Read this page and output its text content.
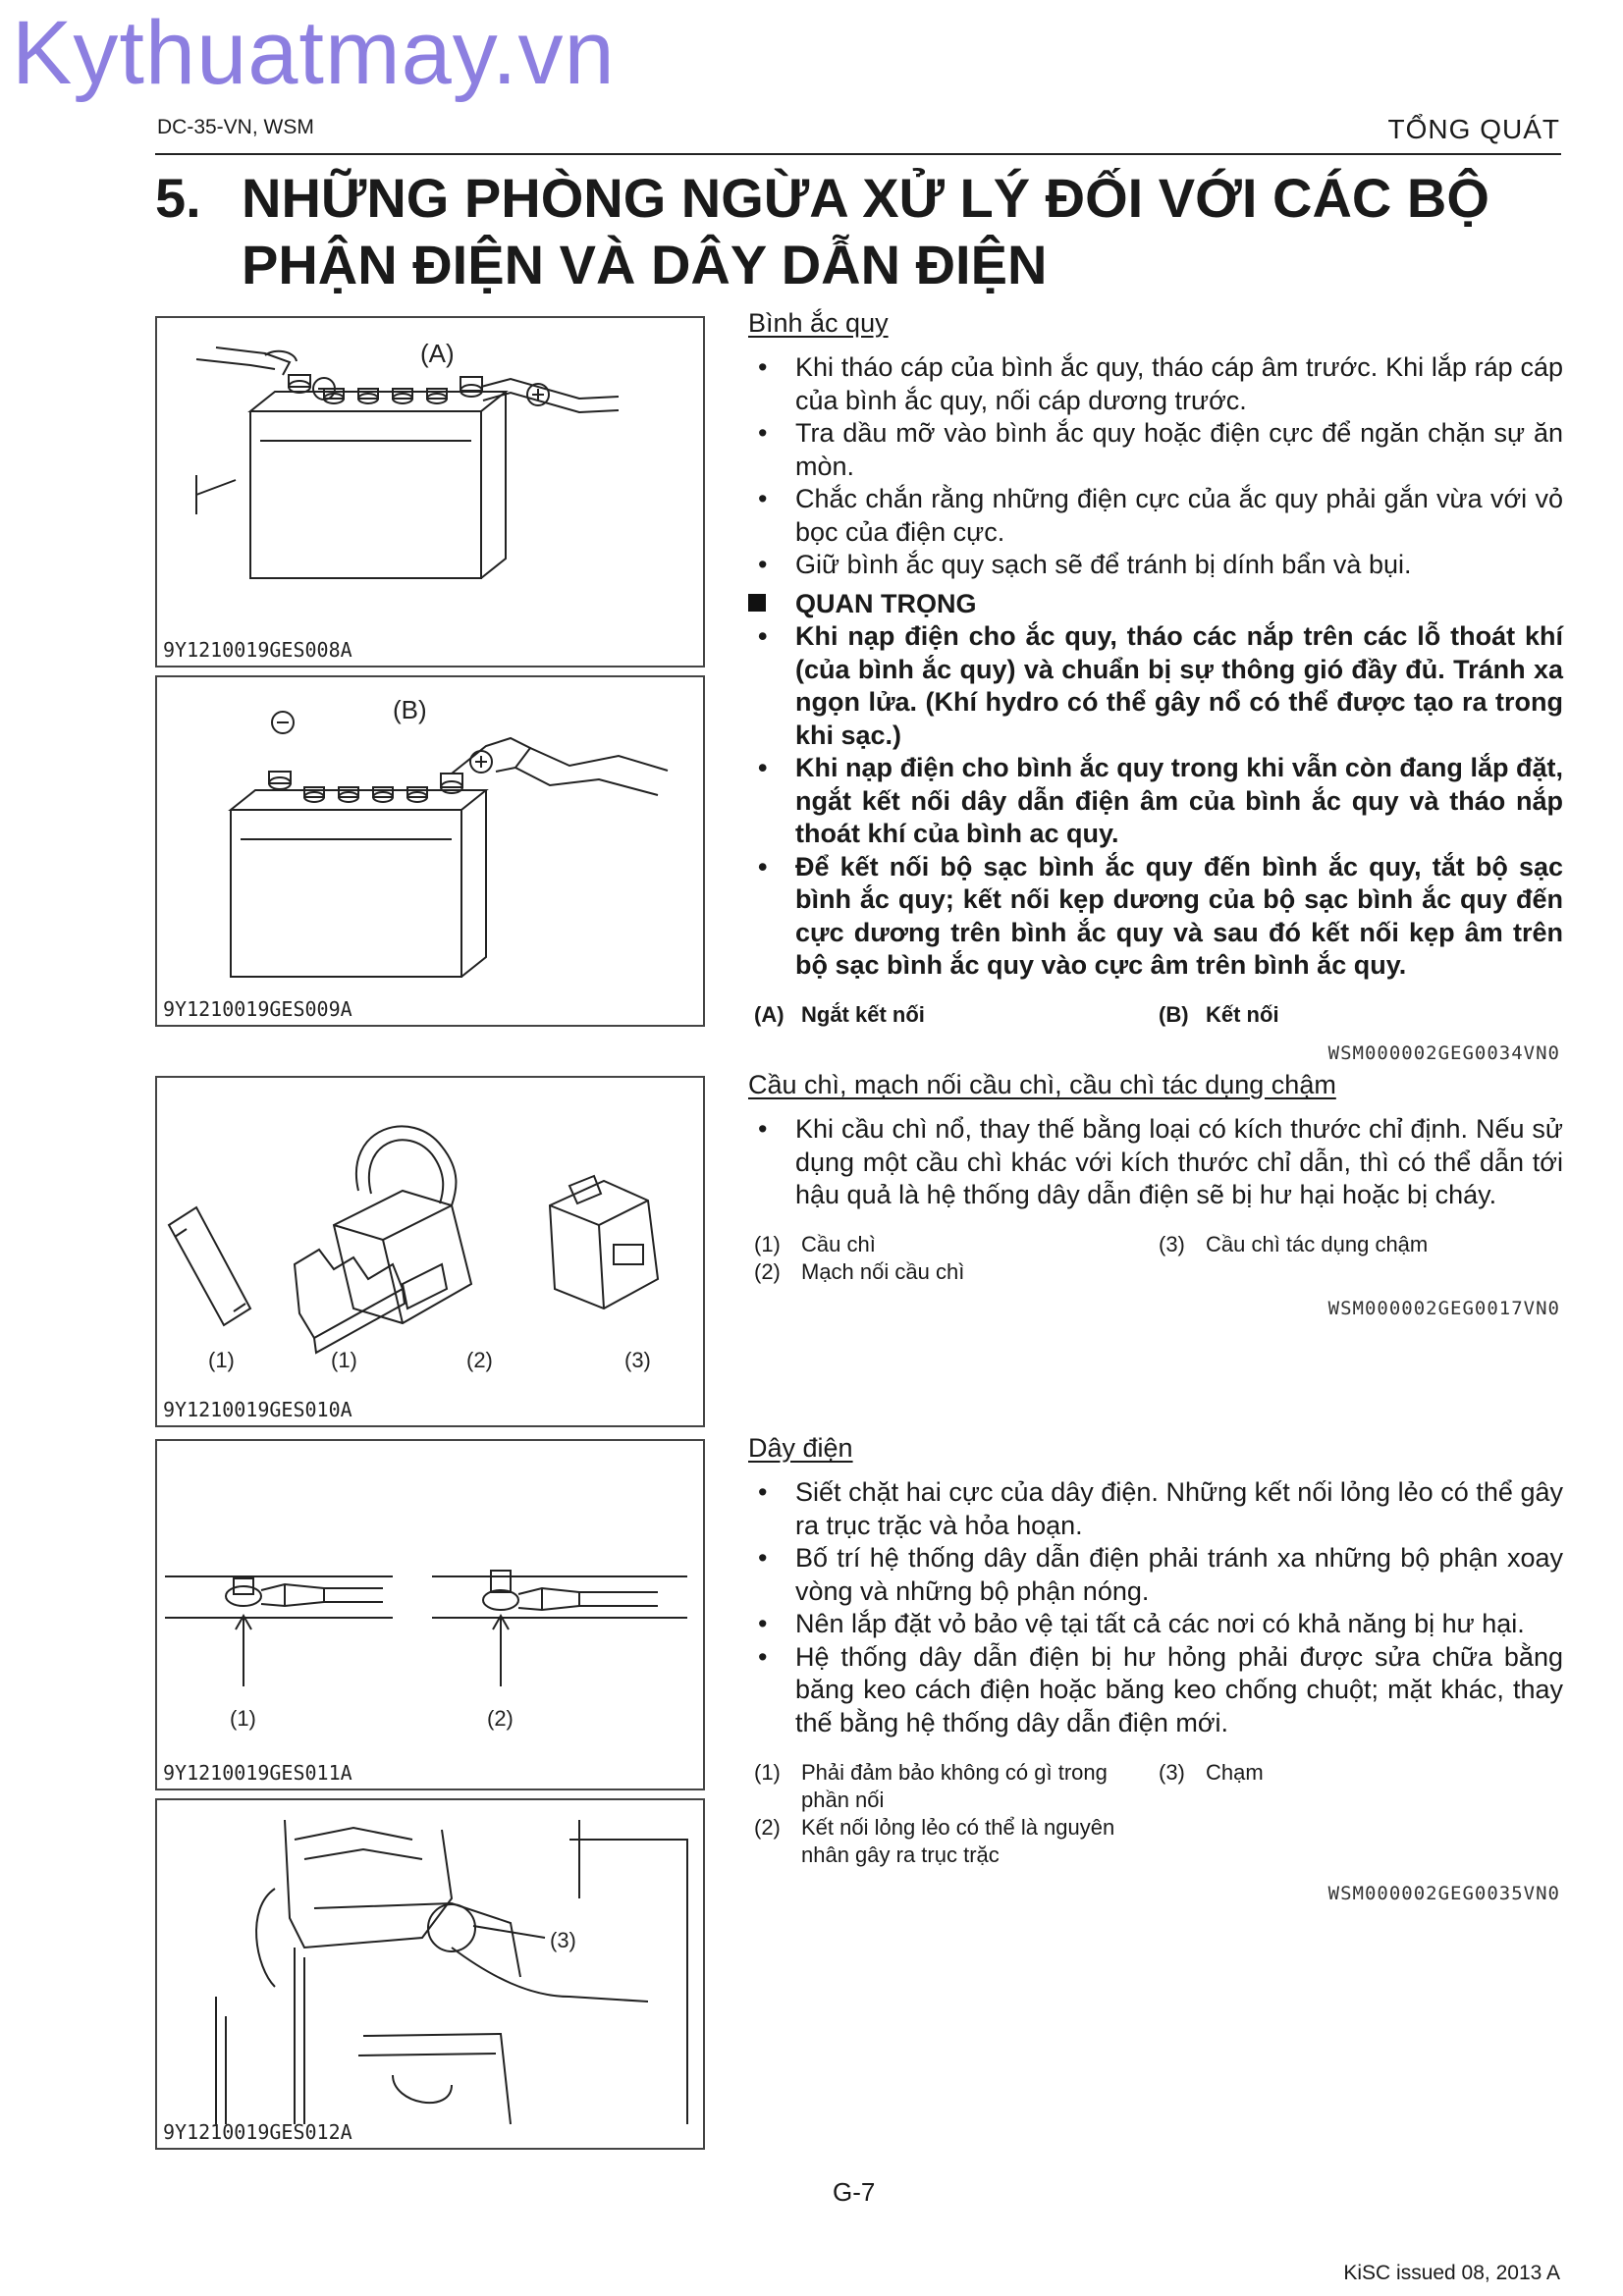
Kythuatmay.vn
DC-35-VN, WSM	TỔNG QUÁT
5. NHỮNG PHÒNG NGỪA XỬ LÝ ĐỐI VỚI CÁC BỘ
PHẬN ĐIỆN VÀ DÂY DẪN ĐIỆN
(A)
9Y1210019GES008A
(B)
9Y1210019GES009A
(1)	(1)	(2)	(3)
9Y1210019GES010A
(1)	(2)
9Y1210019GES011A
(3)
9Y1210019GES012A
Bình ắc quy
• Khi tháo cáp của bình ắc quy, tháo cáp âm trước. Khi lắp ráp cáp của bình ắc quy, nối cáp dương trước.
• Tra dầu mỡ vào bình ắc quy hoặc điện cực để ngăn chặn sự ăn mòn.
• Chắc chắn rằng những điện cực của ắc quy phải gắn vừa với vỏ bọc của điện cực.
• Giữ bình ắc quy sạch sẽ để tránh bị dính bẩn và bụi.
QUAN TRỌNG
• Khi nạp điện cho ắc quy, tháo các nắp trên các lỗ thoát khí (của bình ắc quy) và chuẩn bị sự thông gió đầy đủ. Tránh xa ngọn lửa. (Khí hydro có thể gây nổ có thể được tạo ra trong khi sạc.)
• Khi nạp điện cho bình ắc quy trong khi vẫn còn đang lắp đặt, ngắt kết nối dây dẫn điện âm của bình ắc quy và tháo nắp thoát khí của bình ac quy.
• Để kết nối bộ sạc bình ắc quy đến bình ắc quy, tắt bộ sạc bình ắc quy; kết nối kẹp dương của bộ sạc bình ắc quy đến cực dương trên bình ắc quy và sau đó kết nối kẹp âm trên bộ sạc bình ắc quy vào cực âm trên bình ắc quy.
(A) Ngắt kết nối	(B) Kết nối
WSM000002GEG0034VN0
Cầu chì, mạch nối cầu chì, cầu chì tác dụng chậm
• Khi cầu chì nổ, thay thế bằng loại có kích thước chỉ định. Nếu sử dụng một cầu chì khác với kích thước chỉ dẫn, thì có thể dẫn tới hậu quả là hệ thống dây dẫn điện sẽ bị hư hại hoặc bị cháy.
(1) Cầu chì
(2) Mạch nối cầu chì
(3) Cầu chì tác dụng chậm
WSM000002GEG0017VN0
Dây điện
• Siết chặt hai cực của dây điện. Những kết nối lỏng lẻo có thể gây ra trục trặc và hỏa hoạn.
• Bố trí hệ thống dây dẫn điện phải tránh xa những bộ phận xoay vòng và những bộ phận nóng.
• Nên lắp đặt vỏ bảo vệ tại tất cả các nơi có khả năng bị hư hại.
• Hệ thống dây dẫn điện bị hư hỏng phải được sửa chữa bằng băng keo cách điện hoặc băng keo chống chuột; mặt khác, thay thế bằng hệ thống dây dẫn điện mới.
(1) Phải đảm bảo không có gì trong
phần nối
(2) Kết nối lỏng lẻo có thể là nguyên
nhân gây ra trục trặc
(3) Chạm
WSM000002GEG0035VN0
G-7
KiSC issued 08, 2013 A
